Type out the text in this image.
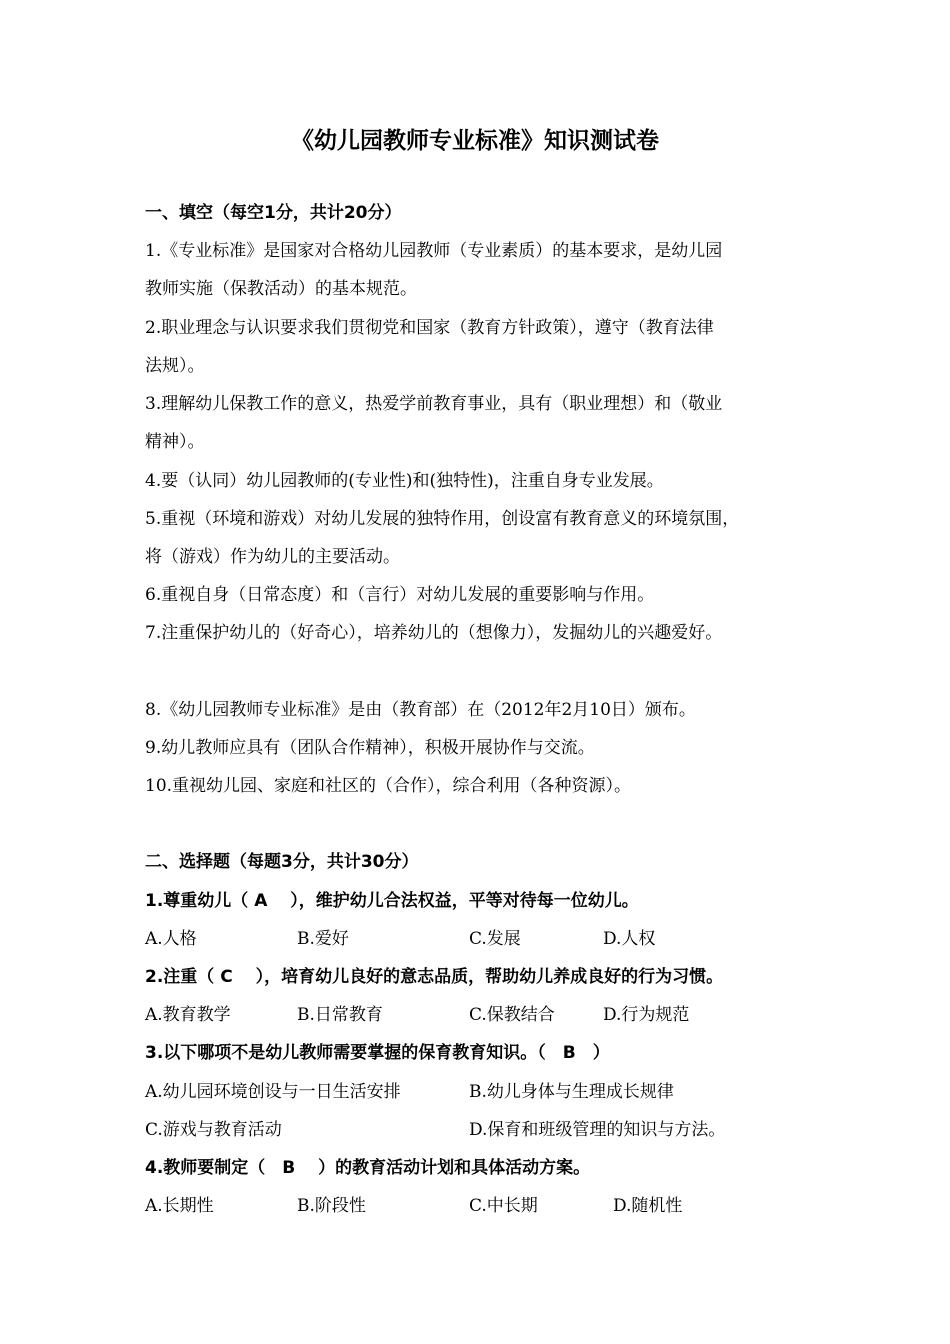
《幼儿园教师专业标准》知识测试卷
一、填空（每空1分，共计20分）
1.《专业标准》是国家对合格幼儿园教师（专业素质）的基本要求，是幼儿园
教师实施（保教活动）的基本规范。
2.职业理念与认识要求我们贯彻党和国家（教育方针政策），遵守（教育法律
法规）。
3.理解幼儿保教工作的意义，热爱学前教育事业，具有（职业理想）和（敬业
精神）。
4.要（认同）幼儿园教师的(专业性)和(独特性)，注重自身专业发展。
5.重视（环境和游戏）对幼儿发展的独特作用，创设富有教育意义的环境氛围，
将（游戏）作为幼儿的主要活动。
6.重视自身（日常态度）和（言行）对幼儿发展的重要影响与作用。
7.注重保护幼儿的（好奇心），培养幼儿的（想像力），发掘幼儿的兴趣爱好。
8.《幼儿园教师专业标准》是由（教育部）在（2012年2月10日）颁布。
9.幼儿教师应具有（团队合作精神），积极开展协作与交流。
10.重视幼儿园、家庭和社区的（合作），综合利用（各种资源）。
二、选择题（每题3分，共计30分）
1.尊重幼儿（ A　 ），维护幼儿合法权益，平等对待每一位幼儿。
A.人格	B.爱好	C.发展	D.人权
2.注重（ C　 ），培育幼儿良好的意志品质，帮助幼儿养成良好的行为习惯。
A.教育教学	B.日常教育	C.保教结合	D.行为规范
3.以下哪项不是幼儿教师需要掌握的保育教育知识。（　B　）
A.幼儿园环境创设与一日生活安排	B.幼儿身体与生理成长规律
C.游戏与教育活动	D.保育和班级管理的知识与方法。
4.教师要制定（　B　 ）的教育活动计划和具体活动方案。
A.长期性	B.阶段性	C.中长期	D.随机性
